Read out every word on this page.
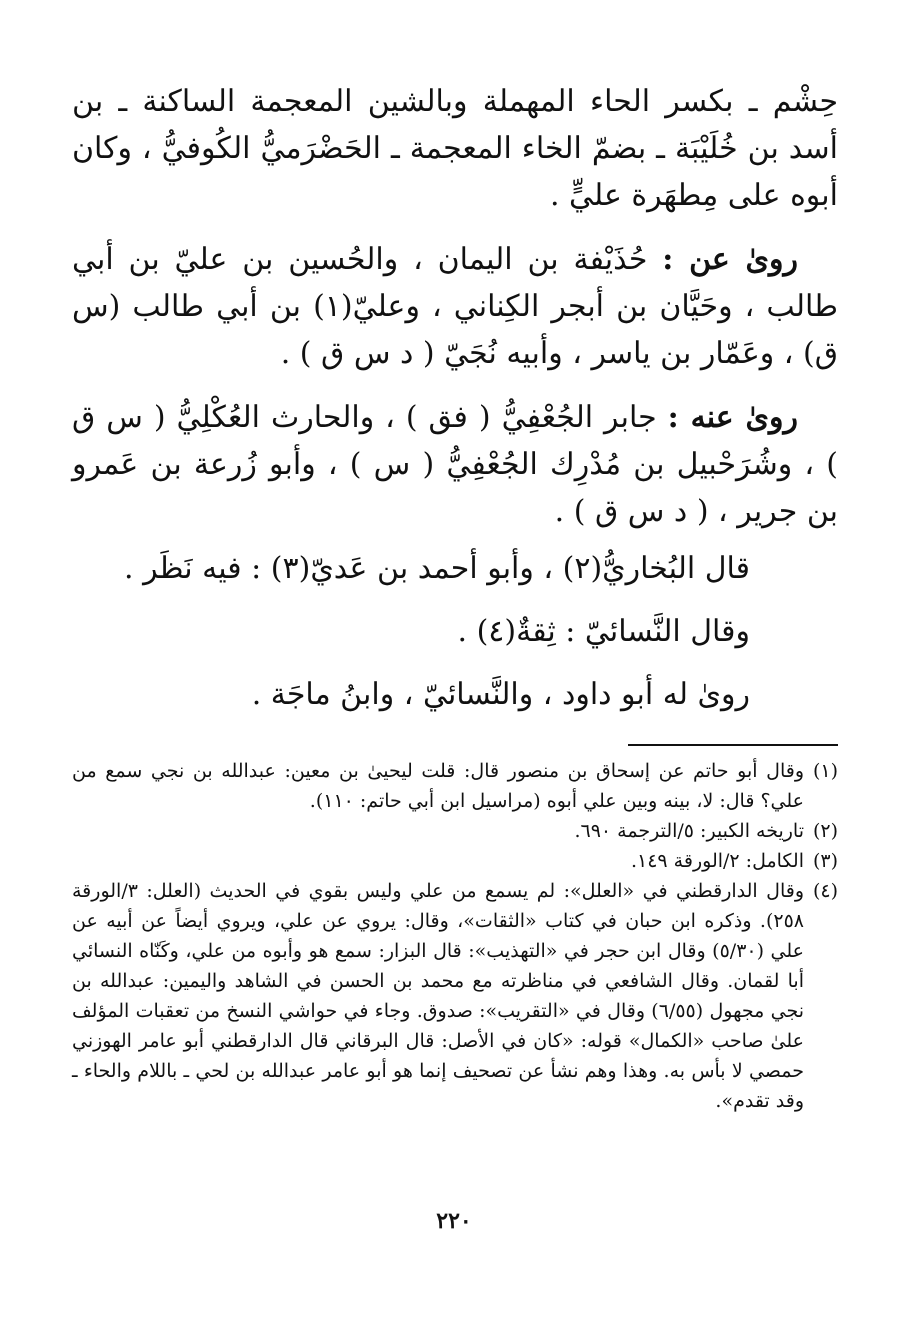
حِشْم ـ بكسر الحاء المهملة وبالشين المعجمة الساكنة ـ بن أسد بن خُلَيْبَة ـ بضمّ الخاء المعجمة ـ الحَضْرَميُّ الكُوفيُّ ، وكان أبوه على مِطهَرة عليٍّ .

روىٰ عن : حُذَيْفة بن اليمان ، والحُسين بن عليّ بن أبي طالب ، وحَيَّان بن أبجر الكِناني ، وعليّ(١) بن أبي طالب (س ق) ، وعَمّار بن ياسر ، وأبيه نُجَيّ ( د س ق ) .

روىٰ عنه : جابر الجُعْفِيُّ ( فق ) ، والحارث العُكْلِيُّ ( س ق ) ، وشُرَحْبيل بن مُدْرِك الجُعْفِيُّ ( س ) ، وأبو زُرعة بن عَمرو بن جرير ، ( د س ق ) .

قال البُخاريُّ(٢) ، وأبو أحمد بن عَديّ(٣) : فيه نَظَر .

وقال النَّسائيّ : ثِقةٌ(٤) .

روىٰ له أبو داود ، والنَّسائيّ ، وابنُ ماجَة .

(١)
وقال أبو حاتم عن إسحاق بن منصور قال: قلت ليحيىٰ بن معين: عبدالله بن نجي سمع من علي؟ قال: لا، بينه وبين علي أبوه (مراسيل ابن أبي حاتم: ١١٠).
(٢)
تاريخه الكبير: ٥/الترجمة ٦٩٠.
(٣)
الكامل: ٢/الورقة ١٤٩.
(٤)
وقال الدارقطني في «العلل»: لم يسمع من علي وليس بقوي في الحديث (العلل: ٣/الورقة ٢٥٨). وذكره ابن حبان في كتاب «الثقات»، وقال: يروي عن علي، ويروي أيضاً عن أبيه عن علي (٥/٣٠) وقال ابن حجر في «التهذيب»: قال البزار: سمع هو وأبوه من علي، وكَنّاه النسائي أبا لقمان. وقال الشافعي في مناظرته مع محمد بن الحسن في الشاهد واليمين: عبدالله بن نجي مجهول (٦/٥٥) وقال في «التقريب»: صدوق. وجاء في حواشي النسخ من تعقبات المؤلف علىٰ صاحب «الكمال» قوله: «كان في الأصل: قال البرقاني قال الدارقطني أبو عامر الهوزني حمصي لا بأس به. وهذا وهم نشأ عن تصحيف إنما هو أبو عامر عبدالله بن لحي ـ باللام والحاء ـ وقد تقدم».
٢٢٠
